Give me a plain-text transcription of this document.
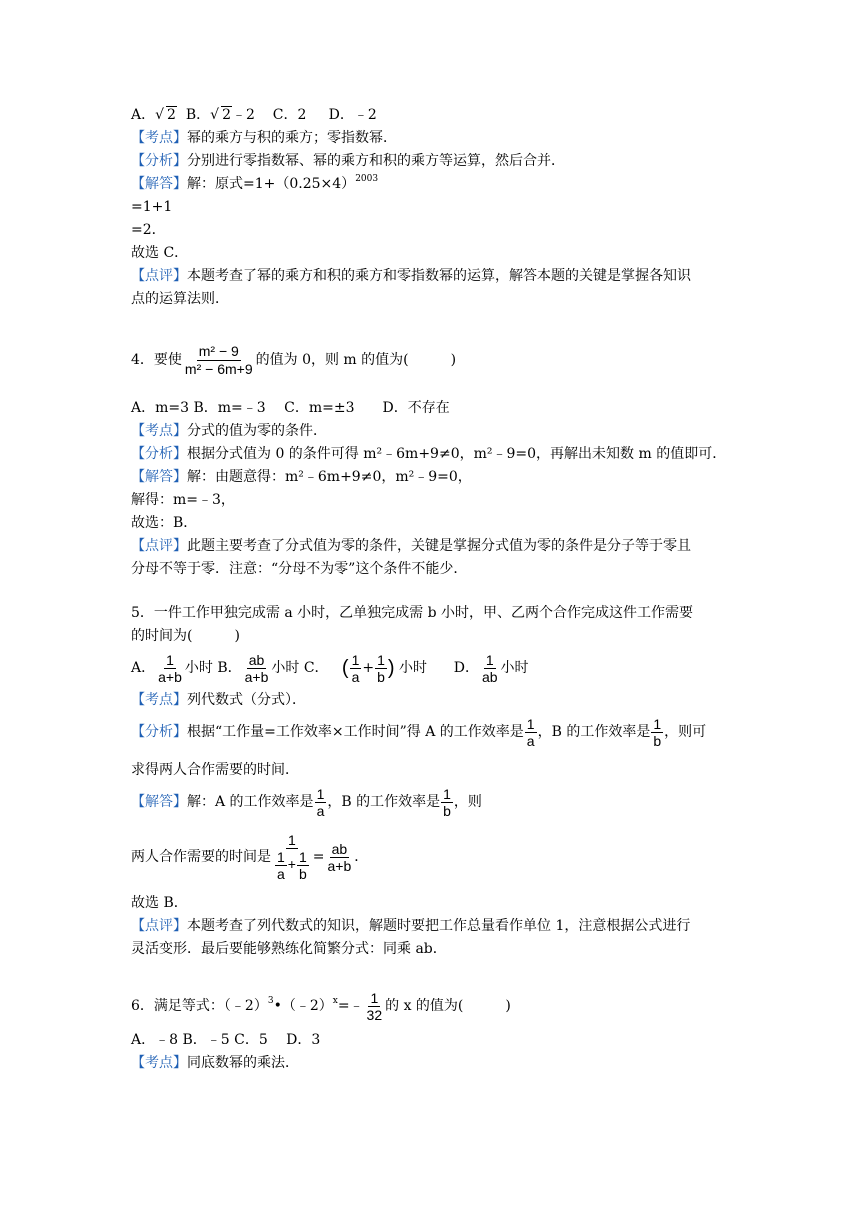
A．√ 2 B．√ 2﹣2 C．2 D．﹣2
【考点】幂的乘方与积的乘方；零指数幂．
【分析】分别进行零指数幂、幂的乘方和积的乘方等运算，然后合并．
【解答】解：原式$=1+(0.25\times 4)^{2003}$
=1+1
=2．
故选 C．
【点评】本题考查了幂的乘方和积的乘方和零指数幂的运算，解答本题的关键是掌握各知识
点的运算法则．
4．要使 $\frac{\text{m² − 9}}{\text{m² − 6m+9}}$ 的值为 0，则 m 的值为(　　　)
A．m=3 B．m=﹣3　 C．m=±3　　D．不存在
【考点】分式的值为零的条件．
【分析】根据分式值为 0 的条件可得 m²﹣6m+9≠0，m²﹣9=0，再解出未知数 m 的值即可．
【解答】解：由题意得：m²﹣6m+9≠0，m²﹣9=0，
解得：m=﹣3，
故选：B．
【点评】此题主要考查了分式值为零的条件，关键是掌握分式值为零的条件是分子等于零且
分母不等于零．注意：“分母不为零”这个条件不能少．
5．一件工作甲独完成需 a 小时，乙单独完成需 b 小时，甲、乙两个合作完成这件工作需要
的时间为(　　　)
A． $\frac{1}{a+b}$ 小时 B． $\frac{ab}{a+b}$ 小时 C． ( $\frac{1}{a} + \frac{1}{b}$ ) 小时 D． $\frac{1}{ab}$ 小时
【考点】列代数式（分式）．
【分析】根据“工作量=工作效率×工作时间”得 A 的工作效率是 $\frac{1}{a}$ ，B 的工作效率是 $\frac{1}{b}$ ，则可
求得两人合作需要的时间．
【解答】解：A 的工作效率是 $\frac{1}{a}$ ，B 的工作效率是 $\frac{1}{b}$ ，则
两人合作需要的时间是 $\frac{1}{\frac{1}{a} + \frac{1}{b}} = \frac{ab}{a+b}$ ．
故选 B．
【点评】本题考查了列代数式的知识，解题时要把工作总量看作单位 1，注意根据公式进行
灵活变形．最后要能够熟练化简繁分式：同乘 ab．
6．满足等式：（﹣2）$^3$•（﹣2）$^x$=﹣ $\frac{1}{32}$ 的 x 的值为(　　　)
A．﹣8 B．﹣5 C．5　 D．3
【考点】同底数幂的乘法．
